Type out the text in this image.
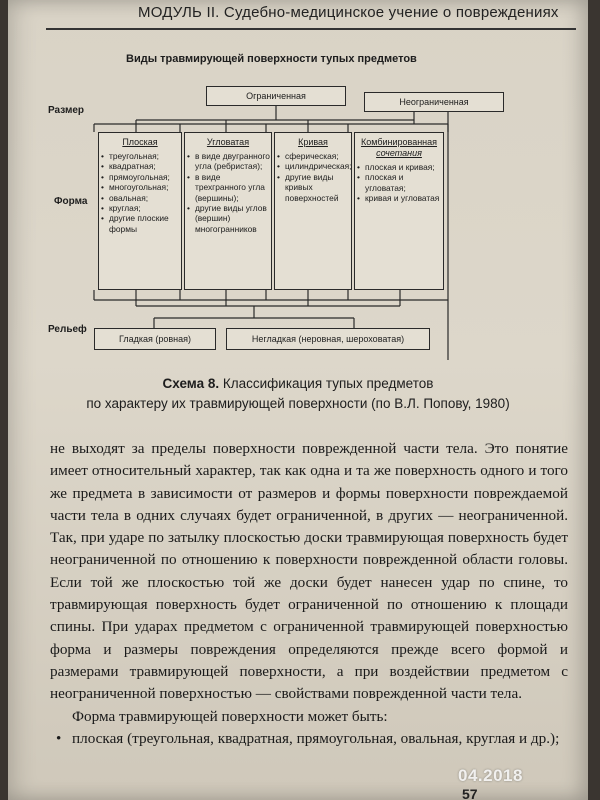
МОДУЛЬ II. Судебно-медицинское учение о повреждениях
Виды травмирующей поверхности тупых предметов
Размер
Форма
Рельеф
Ограниченная
Неограниченная
Плоская
• треугольная;
• квадратная;
• прямоугольная;
• многоугольная;
• овальная;
• круглая;
• другие плоские формы
Угловатая
• в виде двугранного угла (ребристая);
• в виде трехгранного угла (вершины);
• другие виды углов (вершин) многогранников
Кривая
• сферическая;
• цилиндрическая;
• другие виды кривых поверхностей
Комбинированная
сочетания
• плоская и кривая;
• плоская и угловатая;
• кривая и угловатая
Гладкая (ровная)	Негладкая (неровная, шероховатая)
Схема 8. Классификация тупых предметов
по характеру их травмирующей поверхности (по В.Л. Попову, 1980)

не выходят за пределы поверхности поврежденной части тела. Это понятие имеет относительный характер, так как одна и та же поверхность одного и того же предмета в зависимости от размеров и формы поверхности повреждаемой части тела в одних случаях будет ограниченной, в других — неограниченной. Так, при ударе по затылку плоскостью доски травмирующая поверхность будет неограниченной по отношению к поверхности поврежденной области головы. Если той же плоскостью той же доски будет нанесен удар по спине, то травмирующая поверхность будет ограниченной по отношению к площади спины. При ударах предметом с ограниченной травмирующей поверхностью форма и размеры повреждения определяются прежде всего формой и размерами травмирующей поверхности, а при воздействии предметом с неограниченной поверхностью — свойствами поврежденной части тела.

Форма травмирующей поверхности может быть:

• плоская (треугольная, квадратная, прямоугольная, овальная, круглая и др.);

04.2018
57
